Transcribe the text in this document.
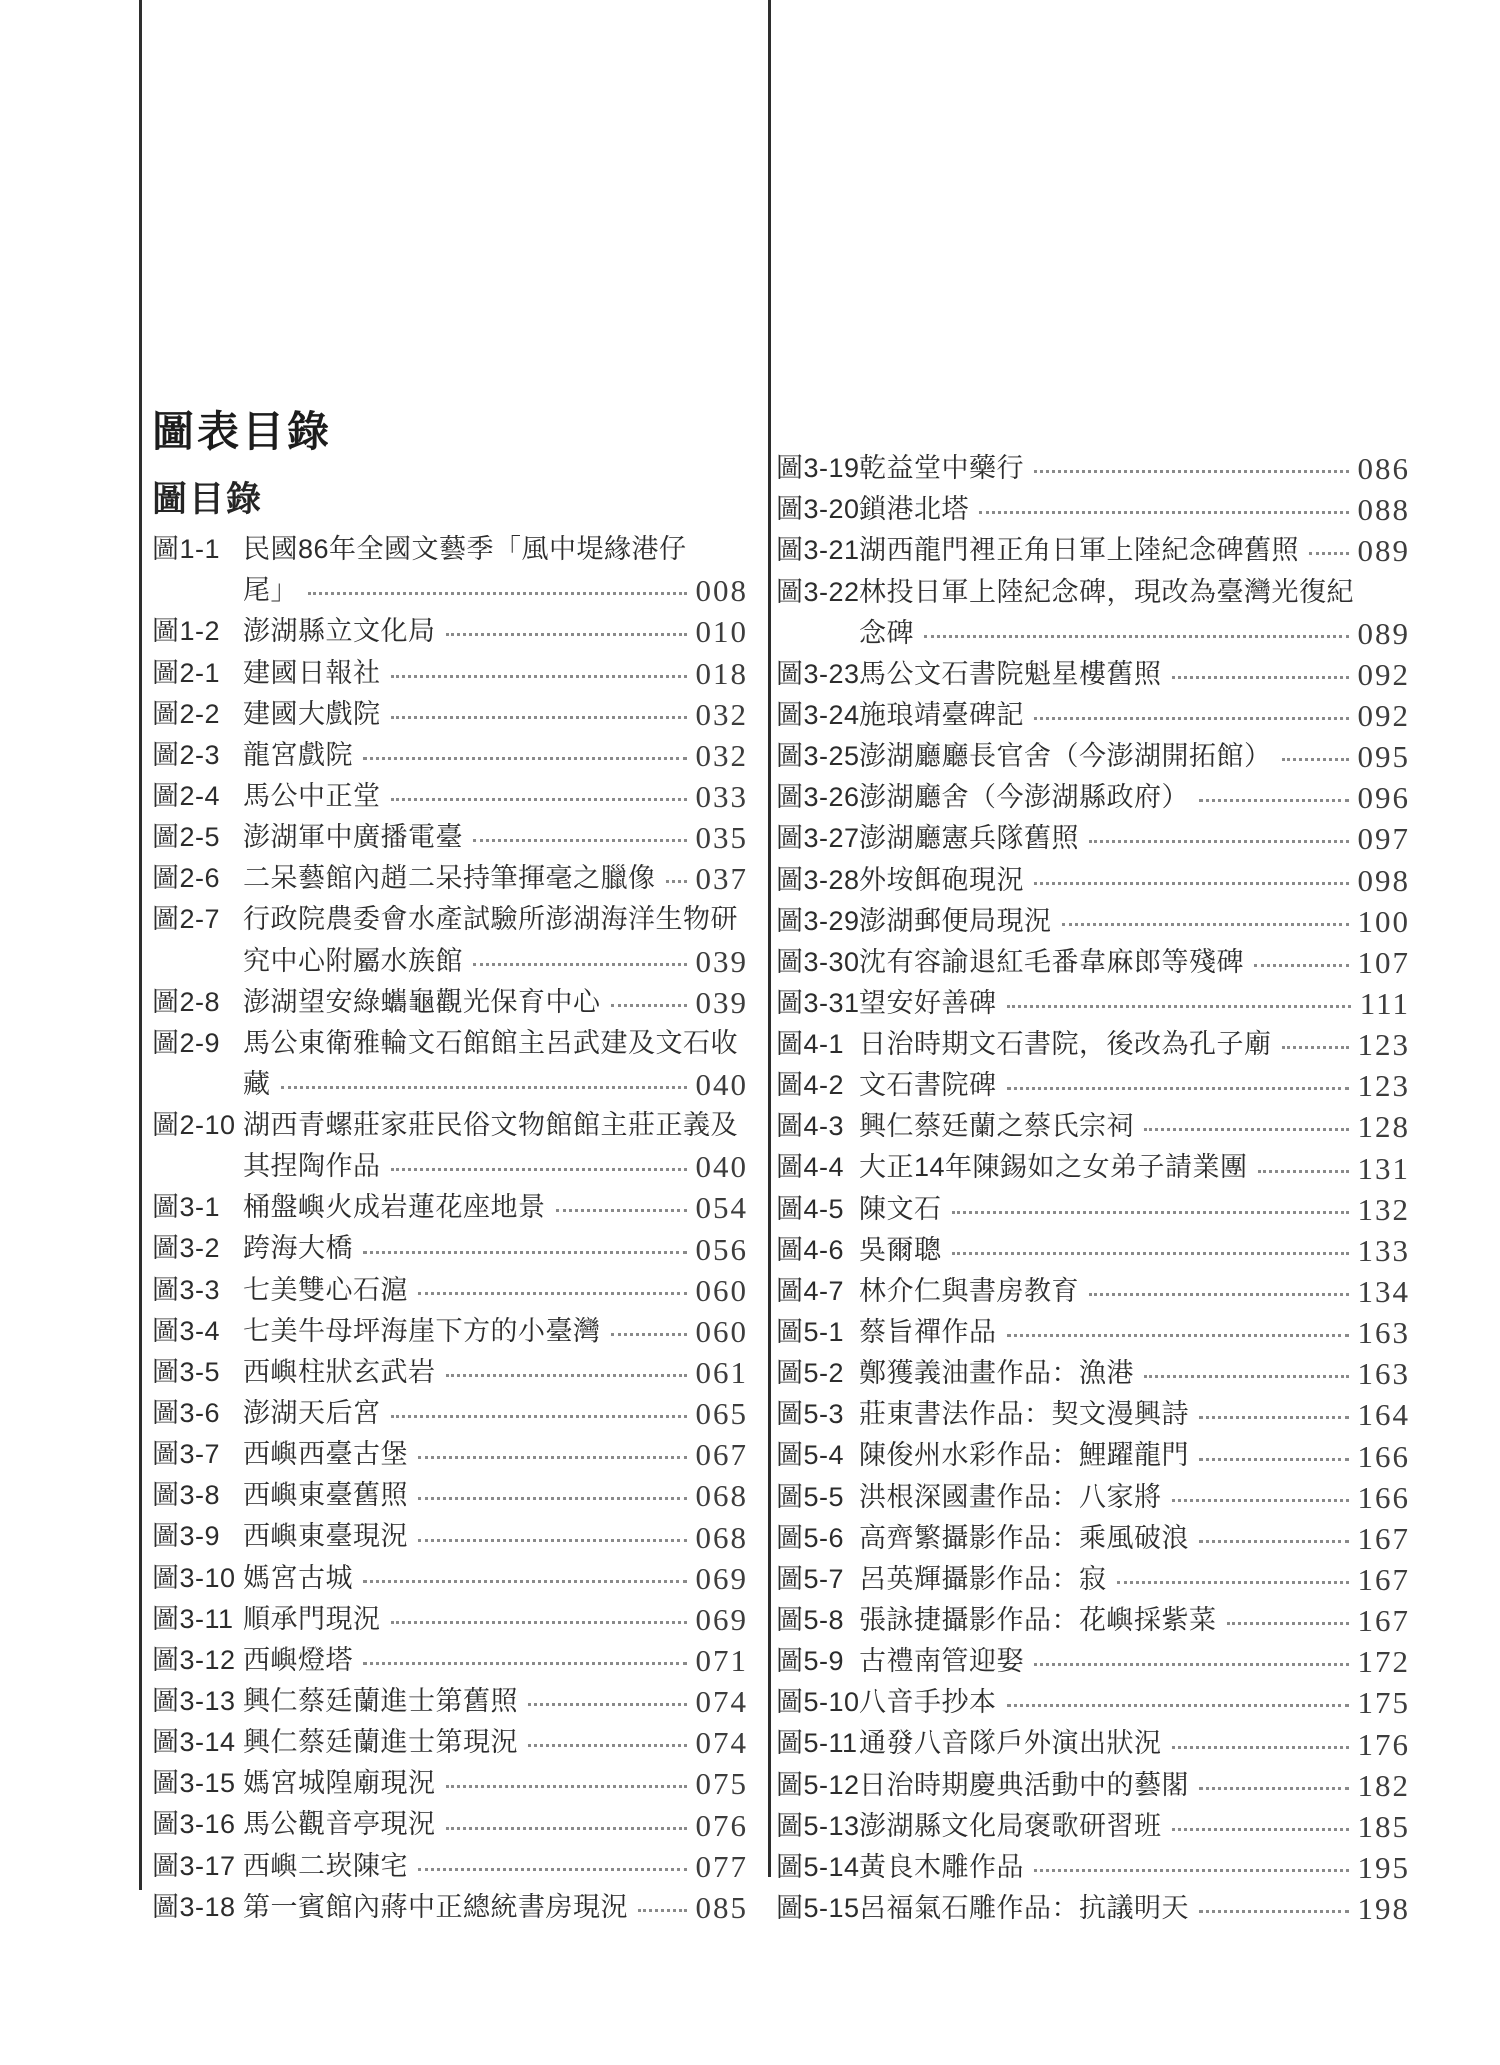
圖表目錄
圖目錄
圖1-1 民國86年全國文藝季「風中堤緣港仔
尾」	008
圖1-2 澎湖縣立文化局	010
圖2-1 建國日報社	018
圖2-2 建國大戲院	032
圖2-3 龍宮戲院	032
圖2-4 馬公中正堂	033
圖2-5 澎湖軍中廣播電臺	035
圖2-6 二呆藝館內趙二呆持筆揮毫之臘像 037
圖2-7 行政院農委會水產試驗所澎湖海洋生物研
究中心附屬水族館	039
圖2-8 澎湖望安綠蠵龜觀光保育中心	039
圖2-9 馬公東衛雅輪文石館館主呂武建及文石收
藏	040
圖2-10 湖西青螺莊家莊民俗文物館館主莊正義及
其捏陶作品	040
圖3-1 桶盤嶼火成岩蓮花座地景	054
圖3-2 跨海大橋	056
圖3-3 七美雙心石滬	060
圖3-4 七美牛母坪海崖下方的小臺灣	060
圖3-5 西嶼柱狀玄武岩	061
圖3-6 澎湖天后宮	065
圖3-7 西嶼西臺古堡	067
圖3-8 西嶼東臺舊照	068
圖3-9 西嶼東臺現況	068
圖3-10 媽宮古城	069
圖3-11 順承門現況	069
圖3-12 西嶼燈塔	071
圖3-13 興仁蔡廷蘭進士第舊照	074
圖3-14 興仁蔡廷蘭進士第現況	074
圖3-15 媽宮城隍廟現況	075
圖3-16 馬公觀音亭現況	076
圖3-17 西嶼二崁陳宅	077
圖3-18 第一賓館內蔣中正總統書房現況 085
圖3-19 乾益堂中藥行	086
圖3-20 鎖港北塔	088
圖3-21 湖西龍門裡正角日軍上陸紀念碑舊照 089
圖3-22 林投日軍上陸紀念碑，現改為臺灣光復紀
念碑	089
圖3-23 馬公文石書院魁星樓舊照	092
圖3-24 施琅靖臺碑記	092
圖3-25 澎湖廳廳長官舍（今澎湖開拓館）	095
圖3-26 澎湖廳舍（今澎湖縣政府）	096
圖3-27 澎湖廳憲兵隊舊照	097
圖3-28 外垵餌砲現況	098
圖3-29 澎湖郵便局現況	100
圖3-30 沈有容諭退紅毛番韋麻郎等殘碑	107
圖3-31 望安好善碑	111
圖4-1 日治時期文石書院，後改為孔子廟	123
圖4-2 文石書院碑	123
圖4-3 興仁蔡廷蘭之蔡氏宗祠	128
圖4-4 大正14年陳錫如之女弟子請業團	131
圖4-5 陳文石	132
圖4-6 吳爾聰	133
圖4-7 林介仁與書房教育	134
圖5-1 蔡旨禪作品	163
圖5-2 鄭獲義油畫作品：漁港	163
圖5-3 莊東書法作品：契文漫興詩	164
圖5-4 陳俊州水彩作品：鯉躍龍門	166
圖5-5 洪根深國畫作品：八家將	166
圖5-6 高齊繁攝影作品：乘風破浪	167
圖5-7 呂英輝攝影作品：寂	167
圖5-8 張詠捷攝影作品：花嶼採紫菜	167
圖5-9 古禮南管迎娶	172
圖5-10 八音手抄本	175
圖5-11 通發八音隊戶外演出狀況	176
圖5-12 日治時期慶典活動中的藝閣	182
圖5-13 澎湖縣文化局褒歌研習班	185
圖5-14 黃良木雕作品	195
圖5-15 呂福氣石雕作品：抗議明天	198
